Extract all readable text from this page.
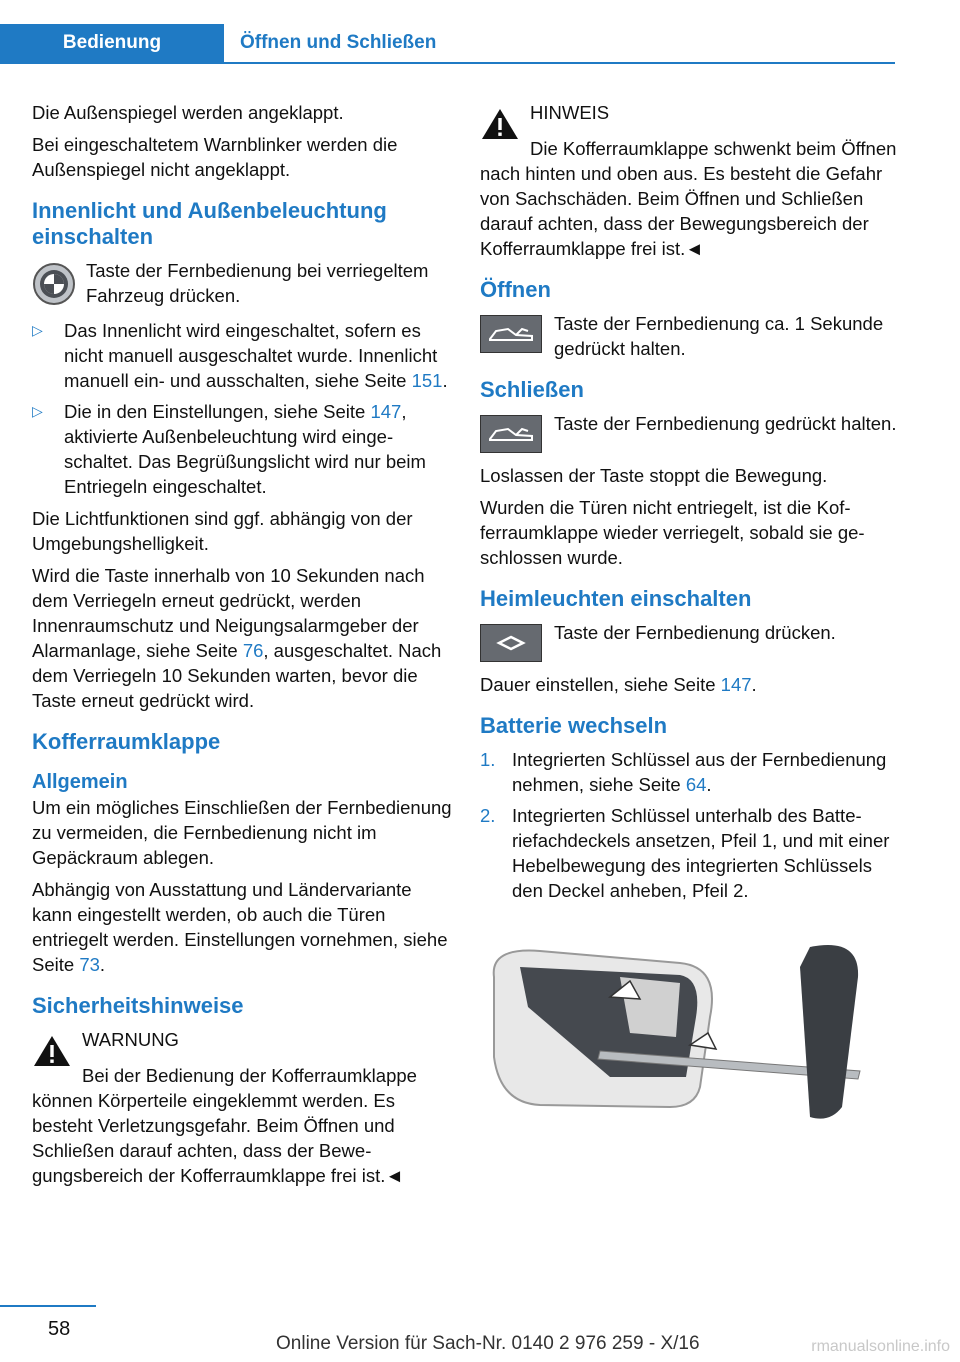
Bedienung	Öffnen und Schließen

Die Außenspiegel werden angeklappt.

Bei eingeschaltetem Warnblinker werden die Außenspiegel nicht angeklappt.

Innenlicht und Außenbeleuchtung einschalten
Taste der Fernbedienung bei verriegeltem Fahrzeug drücken.
▷	Das Innenlicht wird eingeschaltet, sofern es nicht manuell ausgeschaltet wurde. Innenlicht manuell ein- und ausschalten, siehe Seite 151.
▷	Die in den Einstellungen, siehe Seite 147, aktivierte Außenbeleuchtung wird eingeschaltet. Das Begrüßungslicht wird nur beim Entriegeln eingeschaltet.

Die Lichtfunktionen sind ggf. abhängig von der Umgebungshelligkeit.

Wird die Taste innerhalb von 10 Sekunden nach dem Verriegeln erneut gedrückt, werden Innenraumschutz und Neigungsalarmgeber der Alarmanlage, siehe Seite 76, ausgeschaltet. Nach dem Verriegeln 10 Sekunden warten, bevor die Taste erneut gedrückt wird.

Kofferraumklappe
Allgemein

Um ein mögliches Einschließen der Fernbedienung zu vermeiden, die Fernbedienung nicht im Gepäckraum ablegen.

Abhängig von Ausstattung und Ländervariante kann eingestellt werden, ob auch die Türen entriegelt werden. Einstellungen vornehmen, siehe Seite 73.

Sicherheitshinweise
WARNUNG

Bei der Bedienung der Kofferraumklappe können Körperteile eingeklemmt werden. Es besteht Verletzungsgefahr. Beim Öffnen und Schließen darauf achten, dass der Bewegungsbereich der Kofferraumklappe frei ist.◄

HINWEIS

Die Kofferraumklappe schwenkt beim Öffnen nach hinten und oben aus. Es besteht die Gefahr von Sachschäden. Beim Öffnen und Schließen darauf achten, dass der Bewegungsbereich der Kofferraumklappe frei ist.◄

Öffnen
Taste der Fernbedienung ca. 1 Sekunde gedrückt halten.
Schließen
Taste der Fernbedienung gedrückt halten.

Loslassen der Taste stoppt die Bewegung.

Wurden die Türen nicht entriegelt, ist die Kofferraumklappe wieder verriegelt, sobald sie geschlossen wurde.

Heimleuchten einschalten
Taste der Fernbedienung drücken.

Dauer einstellen, siehe Seite 147.

Batterie wechseln
1. Integrierten Schlüssel aus der Fernbedienung nehmen, siehe Seite 64.
2. Integrierten Schlüssel unterhalb des Batteriefachdeckels ansetzen, Pfeil 1, und mit einer Hebelbewegung des integrierten Schlüssels den Deckel anheben, Pfeil 2.
58
Online Version für Sach-Nr. 0140 2 976 259 - X/16	rmanualsonline.info
